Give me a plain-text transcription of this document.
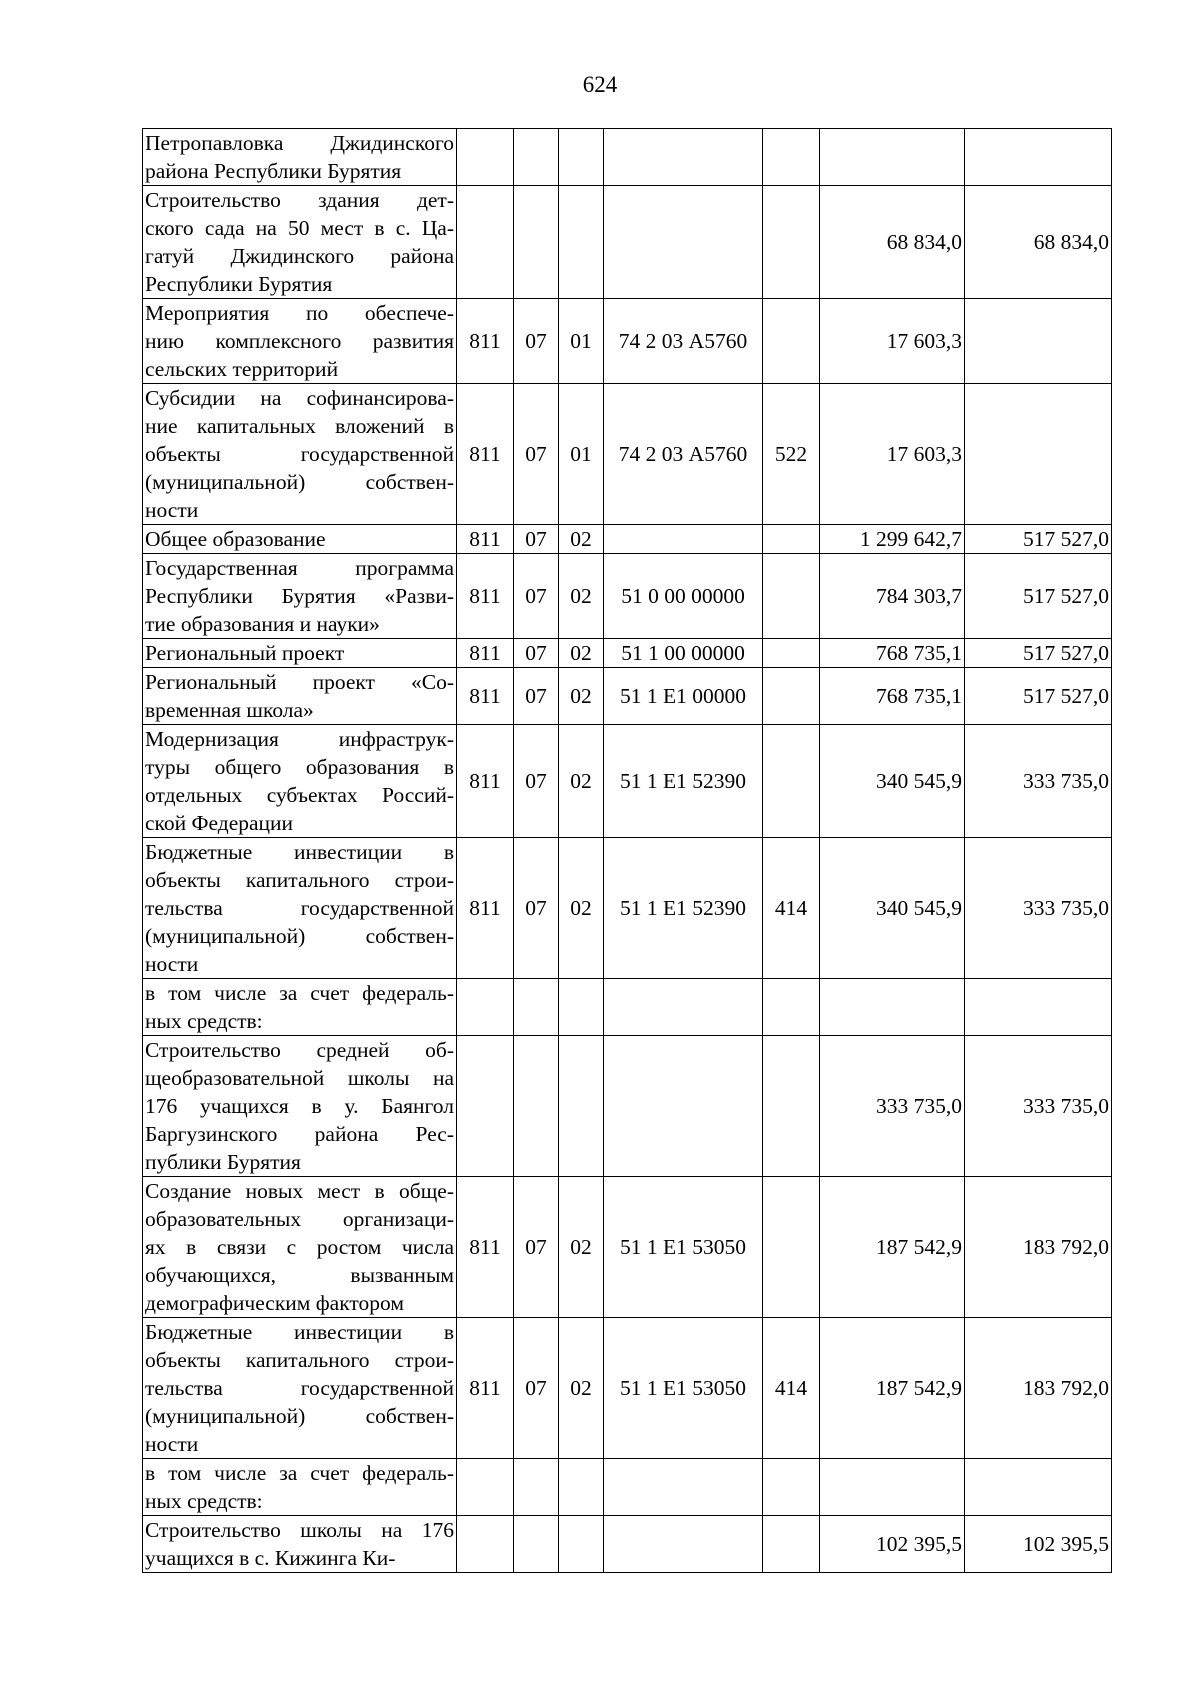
624
Петропавловка Джидинского
района Республики Бурятия							

Строительство здания дет-
ского сада на 50 мест в с. Ца-
гатуй Джидинского района
Республики Бурятия						68 834,0	68 834,0

Мероприятия по обеспече-
нию комплексного развития
сельских территорий	811	07	01	74 2 03 А5760		17 603,3	

Субсидии на софинансирова-
ние капитальных вложений в
объекты государственной
(муниципальной) собствен-
ности	811	07	01	74 2 03 А5760	522	17 603,3	

Общее образование	811	07	02			1 299 642,7	517 527,0

Государственная программа
Республики Бурятия «Разви-
тие образования и науки»	811	07	02	51 0 00 00000		784 303,7	517 527,0

Региональный проект	811	07	02	51 1 00 00000		768 735,1	517 527,0

Региональный проект «Со-
временная школа»	811	07	02	51 1 E1 00000		768 735,1	517 527,0

Модернизация инфраструк-
туры общего образования в
отдельных субъектах Россий-
ской Федерации	811	07	02	51 1 E1 52390		340 545,9	333 735,0

Бюджетные инвестиции в
объекты капитального строи-
тельства государственной
(муниципальной) собствен-
ности	811	07	02	51 1 E1 52390	414	340 545,9	333 735,0

в том числе за счет федераль-
ных средств:							

Строительство средней об-
щеобразовательной школы на
176 учащихся в у. Баянгол
Баргузинского района Рес-
публики Бурятия						333 735,0	333 735,0

Создание новых мест в обще-
образовательных организаци-
ях в связи с ростом числа
обучающихся, вызванным
демографическим фактором	811	07	02	51 1 E1 53050		187 542,9	183 792,0

Бюджетные инвестиции в
объекты капитального строи-
тельства государственной
(муниципальной) собствен-
ности	811	07	02	51 1 E1 53050	414	187 542,9	183 792,0

в том числе за счет федераль-
ных средств:							

Строительство школы на 176
учащихся в с. Кижинга Ки-						102 395,5	102 395,5
